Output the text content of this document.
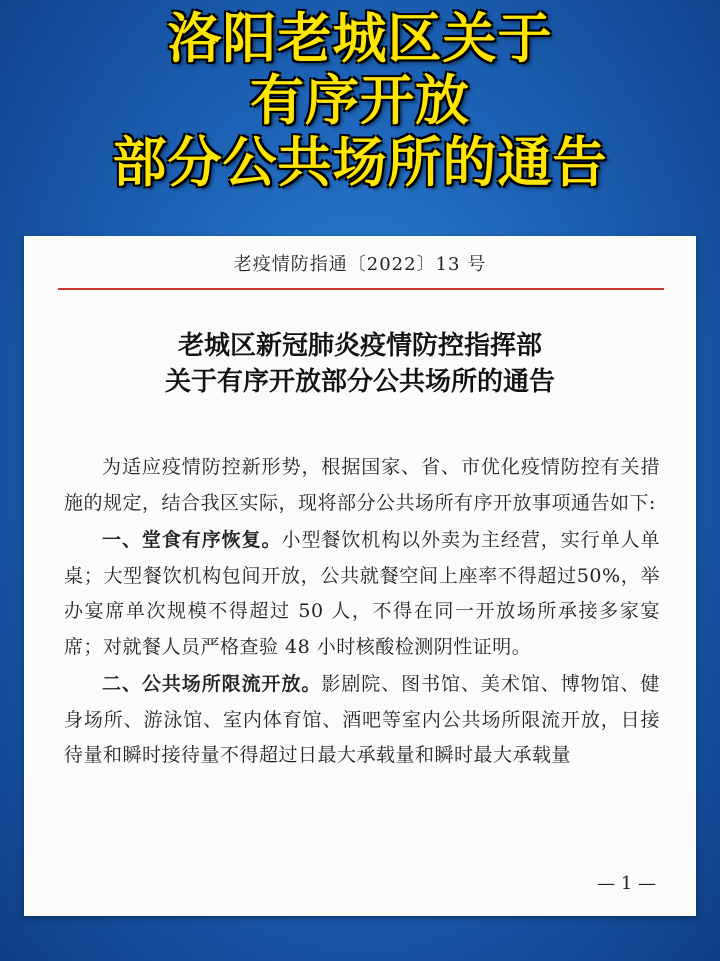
洛阳老城区关于
有序开放
部分公共场所的通告
老疫情防指通〔2022〕13 号
老城区新冠肺炎疫情防控指挥部
关于有序开放部分公共场所的通告

为适应疫情防控新形势，根据国家、省、市优化疫情防控有关措施的规定，结合我区实际，现将部分公共场所有序开放事项通告如下:

一、堂食有序恢复。小型餐饮机构以外卖为主经营，实行单人单桌；大型餐饮机构包间开放，公共就餐空间上座率不得超过50%，举办宴席单次规模不得超过 50 人，不得在同一开放场所承接多家宴席；对就餐人员严格查验 48 小时核酸检测阴性证明。

二、公共场所限流开放。影剧院、图书馆、美术馆、博物馆、健身场所、游泳馆、室内体育馆、酒吧等室内公共场所限流开放，日接待量和瞬时接待量不得超过日最大承载量和瞬时最大承载量

— 1 —
